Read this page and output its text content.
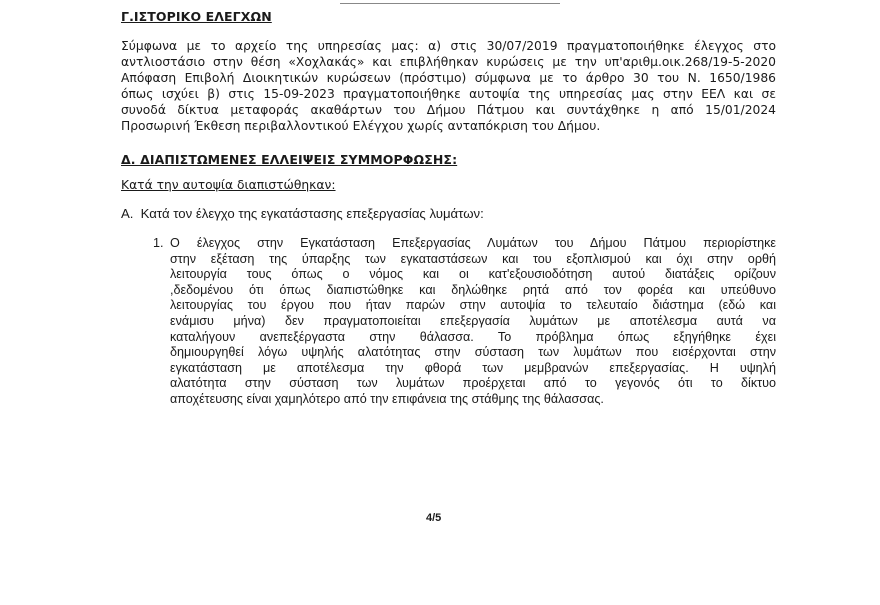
Γ.ΙΣΤΟΡΙΚΟ ΕΛΕΓΧΩΝ
Σύμφωνα με το αρχείο της υπηρεσίας μας: α) στις 30/07/2019 πραγματοποιήθηκε έλεγχος στο
αντλιοστάσιο στην θέση «Χοχλακάς» και επιβλήθηκαν κυρώσεις με την υπ'αριθμ.οικ.268/19-5-2020
Απόφαση Επιβολή Διοικητικών κυρώσεων (πρόστιμο) σύμφωνα με το άρθρο 30 του Ν. 1650/1986
όπως ισχύει β) στις 15-09-2023 πραγματοποιήθηκε αυτοψία της υπηρεσίας μας στην ΕΕΛ και σε
συνοδά δίκτυα μεταφοράς ακαθάρτων του Δήμου Πάτμου και συντάχθηκε η από 15/01/2024
Προσωρινή Έκθεση περιβαλλοντικού Ελέγχου χωρίς ανταπόκριση του Δήμου.
Δ. ΔΙΑΠΙΣΤΩΜΕΝΕΣ ΕΛΛΕΙΨΕΙΣ ΣΥΜΜΟΡΦΩΣΗΣ:
Κατά την αυτοψία διαπιστώθηκαν:
Α. Κατά τον έλεγχο της εγκατάστασης επεξεργασίας λυμάτων:
1. Ο έλεγχος στην Εγκατάσταση Επεξεργασίας Λυμάτων του Δήμου Πάτμου περιορίστηκε
στην εξέταση της ύπαρξης των εγκαταστάσεων και του εξοπλισμού και όχι στην ορθή
λειτουργία τους όπως ο νόμος και οι κατ'εξουσιοδότηση αυτού διατάξεις ορίζουν
,δεδομένου ότι όπως διαπιστώθηκε και δηλώθηκε ρητά από τον φορέα και υπεύθυνο
λειτουργίας του έργου που ήταν παρών στην αυτοψία το τελευταίο διάστημα (εδώ και
ενάμισυ μήνα) δεν πραγματοποιείται επεξεργασία λυμάτων με αποτέλεσμα αυτά να
καταλήγουν ανεπεξέργαστα στην θάλασσα. Το πρόβλημα όπως εξηγήθηκε έχει
δημιουργηθεί λόγω υψηλής αλατότητας στην σύσταση των λυμάτων που εισέρχονται στην
εγκατάσταση με αποτέλεσμα την φθορά των μεμβρανών επεξεργασίας. Η υψηλή
αλατότητα στην σύσταση των λυμάτων προέρχεται από το γεγονός ότι το δίκτυο
αποχέτευσης είναι χαμηλότερο από την επιφάνεια της στάθμης της θάλασσας.
4/5
